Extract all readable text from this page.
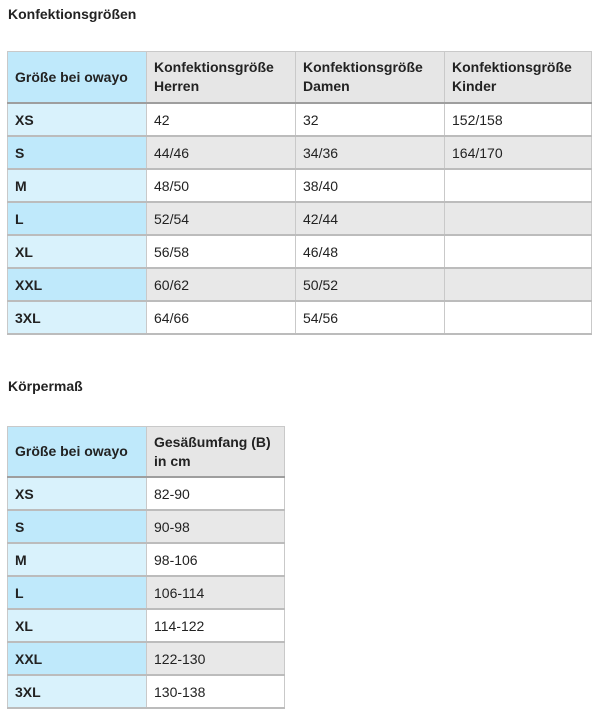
Konfektionsgrößen
Größe bei owayo	Konfektionsgröße Herren	Konfektionsgröße Damen	Konfektionsgröße Kinder
XS	42	32	152/158
S	44/46	34/36	164/170
M	48/50	38/40	
L	52/54	42/44	
XL	56/58	46/48	
XXL	60/62	50/52	
3XL	64/66	54/56	
Körpermaß
Größe bei owayo	Gesäßumfang (B) in cm
XS	82-90
S	90-98
M	98-106
L	106-114
XL	114-122
XXL	122-130
3XL	130-138
